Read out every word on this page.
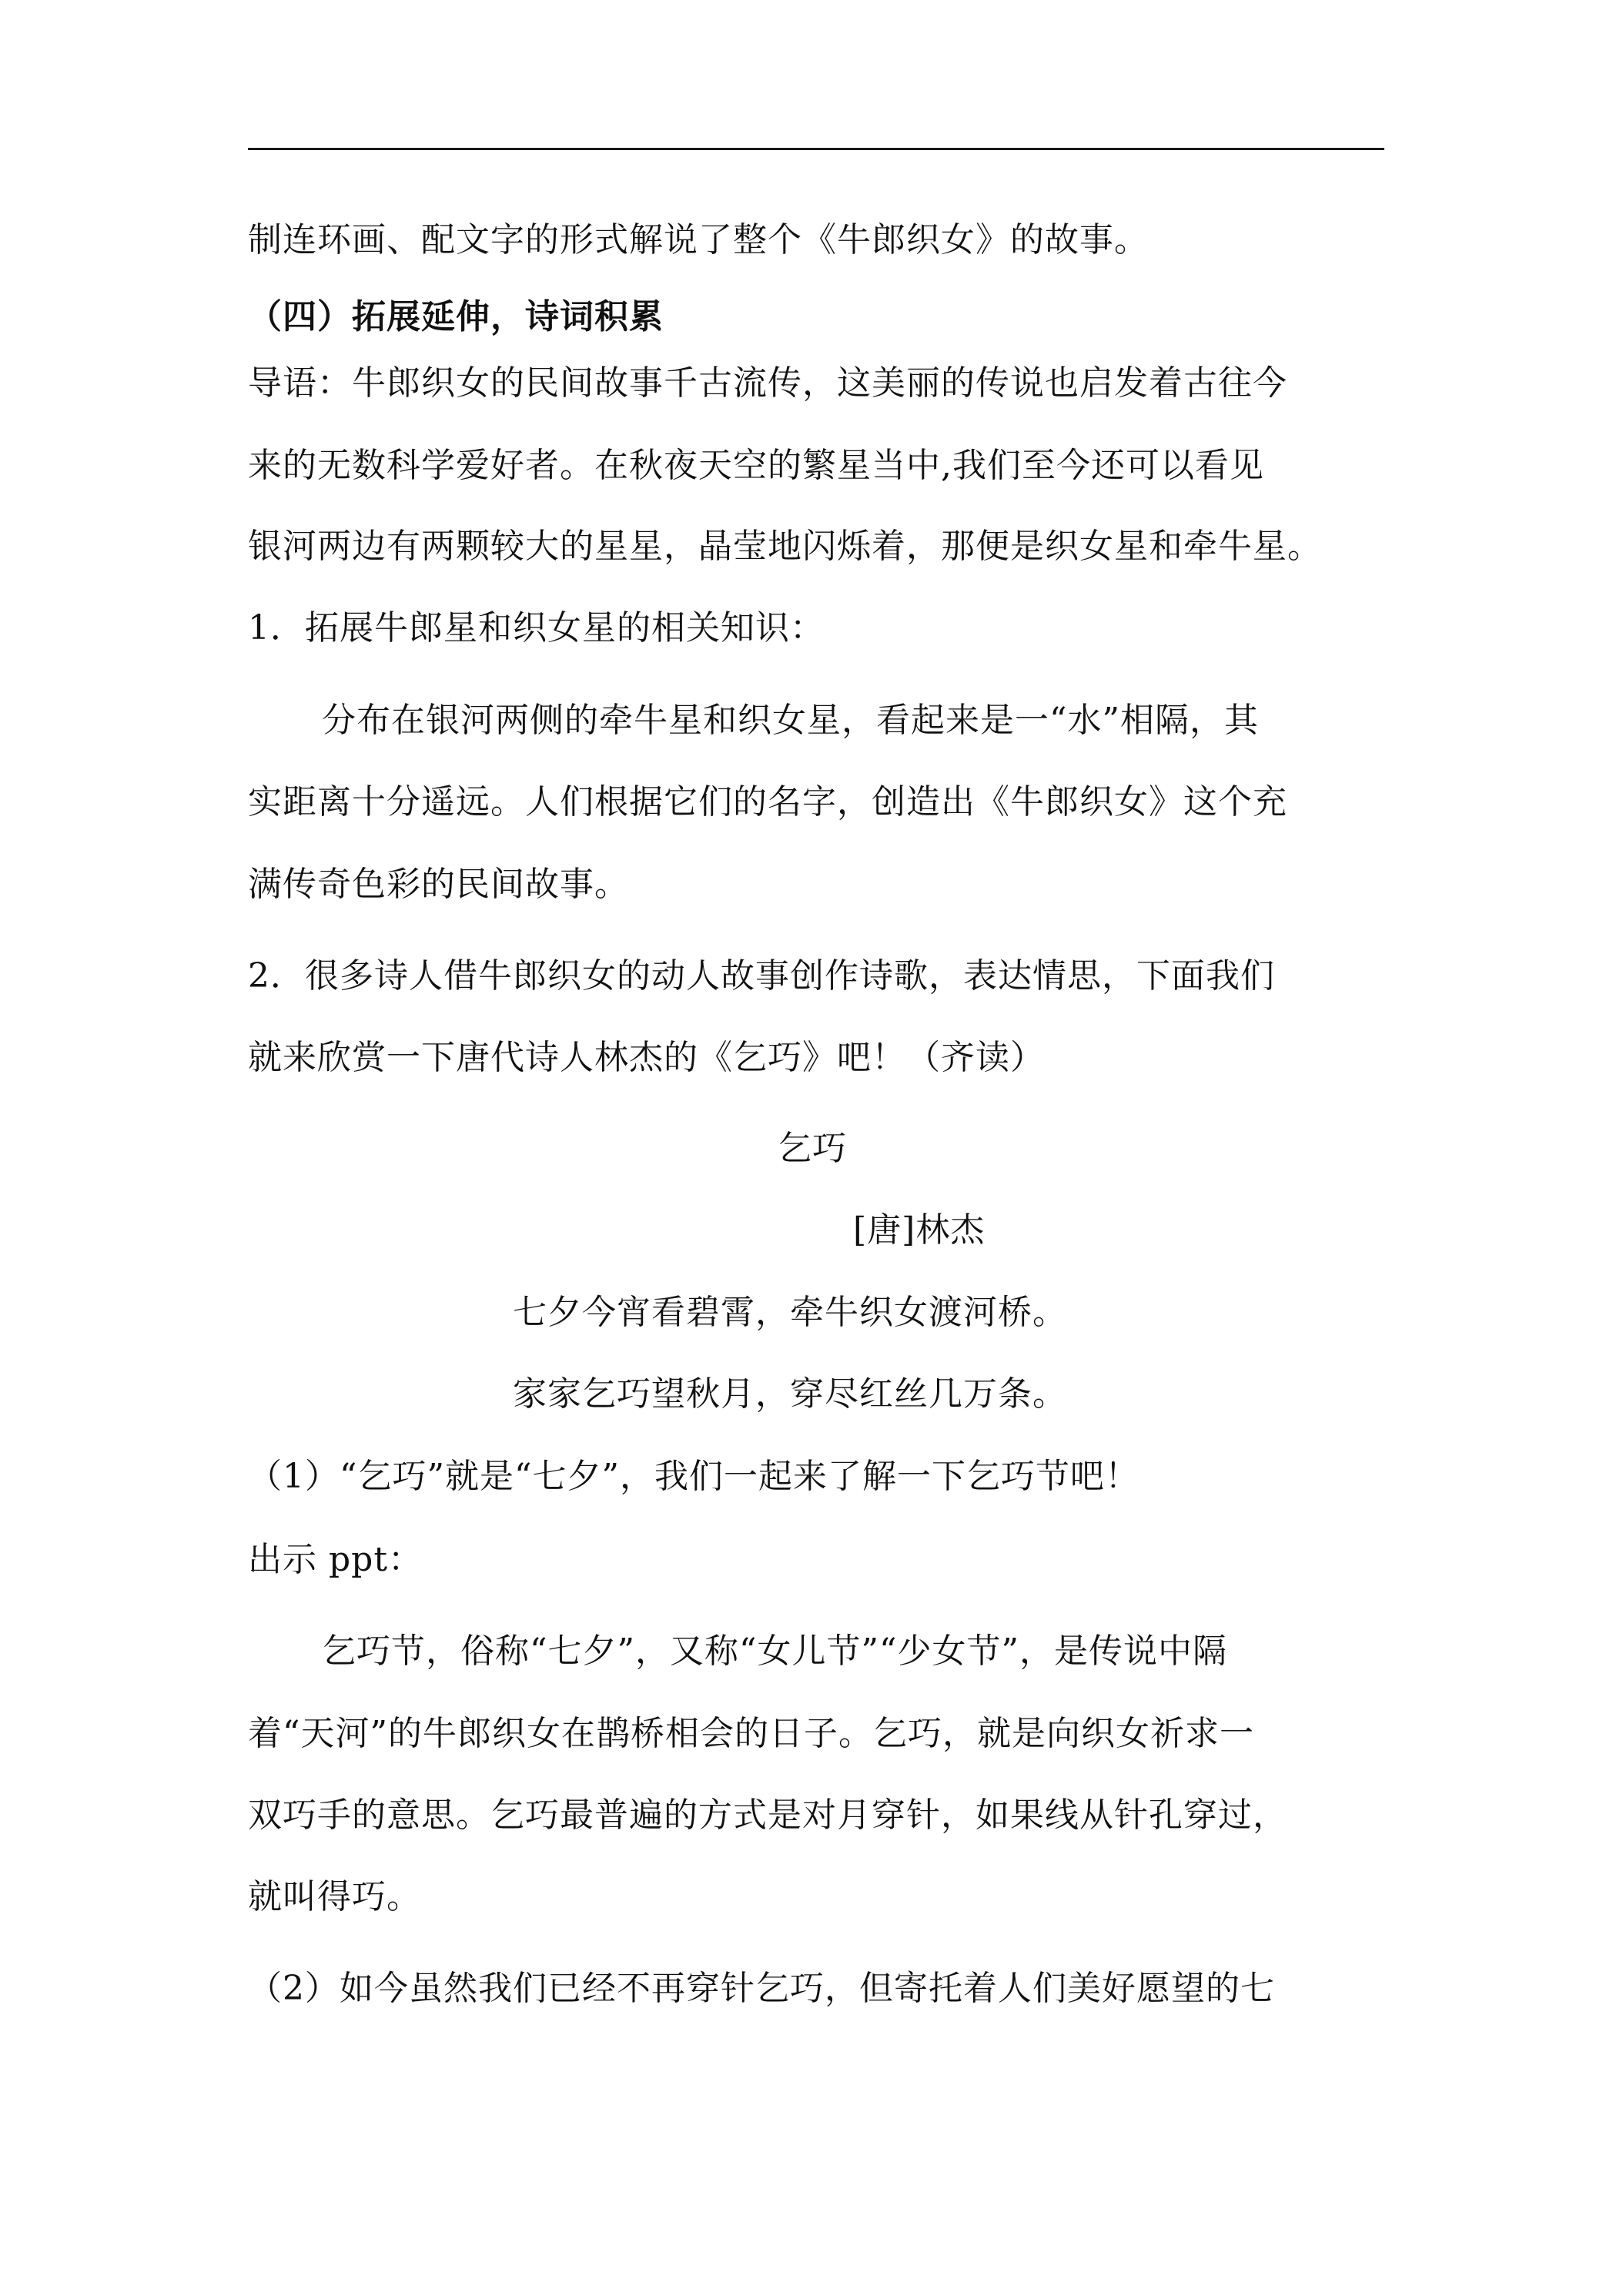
制连环画、配文字的形式解说了整个《牛郎织女》的故事。
（四）拓展延伸，诗词积累
导语：牛郎织女的民间故事千古流传，这美丽的传说也启发着古往今
来的无数科学爱好者。在秋夜天空的繁星当中,我们至今还可以看见
银河两边有两颗较大的星星，晶莹地闪烁着，那便是织女星和牵牛星。
1．拓展牛郎星和织女星的相关知识：
分布在银河两侧的牵牛星和织女星，看起来是一“水”相隔，其
实距离十分遥远。人们根据它们的名字，创造出《牛郎织女》这个充
满传奇色彩的民间故事。
2．很多诗人借牛郎织女的动人故事创作诗歌，表达情思，下面我们
就来欣赏一下唐代诗人林杰的《乞巧》吧！（齐读）
乞巧
[唐]林杰
七夕今宵看碧霄，牵牛织女渡河桥。
家家乞巧望秋月，穿尽红丝几万条。
（1）“乞巧”就是“七夕”，我们一起来了解一下乞巧节吧！
出示 ppt：
乞巧节，俗称“七夕”，又称“女儿节”“少女节”，是传说中隔
着“天河”的牛郎织女在鹊桥相会的日子。乞巧，就是向织女祈求一
双巧手的意思。乞巧最普遍的方式是对月穿针，如果线从针孔穿过，
就叫得巧。
（2）如今虽然我们已经不再穿针乞巧，但寄托着人们美好愿望的七
